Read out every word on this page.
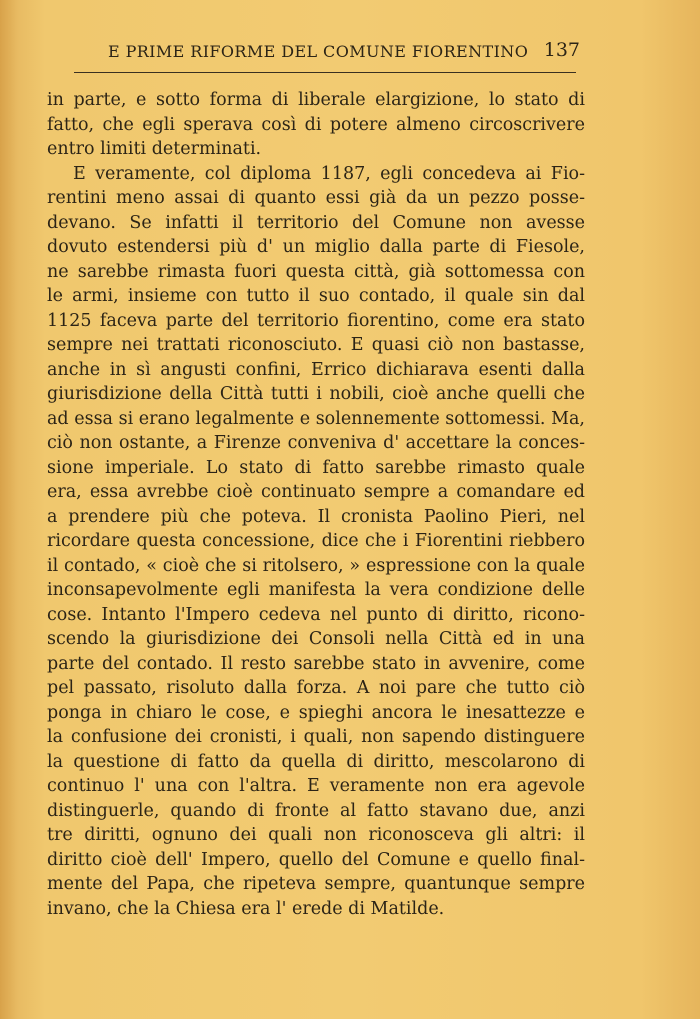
E PRIME RIFORME DEL COMUNE FIORENTINO 137
in parte, e sotto forma di liberale elargizione, lo stato di
fatto, che egli sperava così di potere almeno circoscrivere
entro limiti determinati.
E veramente, col diploma 1187, egli concedeva ai Fio-
rentini meno assai di quanto essi già da un pezzo posse-
devano. Se infatti il territorio del Comune non avesse
dovuto estendersi più d' un miglio dalla parte di Fiesole,
ne sarebbe rimasta fuori questa città, già sottomessa con
le armi, insieme con tutto il suo contado, il quale sin dal
1125 faceva parte del territorio fiorentino, come era stato
sempre nei trattati riconosciuto. E quasi ciò non bastasse,
anche in sì angusti confini, Errico dichiarava esenti dalla
giurisdizione della Città tutti i nobili, cioè anche quelli che
ad essa si erano legalmente e solennemente sottomessi. Ma,
ciò non ostante, a Firenze conveniva d' accettare la conces-
sione imperiale. Lo stato di fatto sarebbe rimasto quale
era, essa avrebbe cioè continuato sempre a comandare ed
a prendere più che poteva. Il cronista Paolino Pieri, nel
ricordare questa concessione, dice che i Fiorentini riebbero
il contado, « cioè che si ritolsero, » espressione con la quale
inconsapevolmente egli manifesta la vera condizione delle
cose. Intanto l'Impero cedeva nel punto di diritto, ricono-
scendo la giurisdizione dei Consoli nella Città ed in una
parte del contado. Il resto sarebbe stato in avvenire, come
pel passato, risoluto dalla forza. A noi pare che tutto ciò
ponga in chiaro le cose, e spieghi ancora le inesattezze e
la confusione dei cronisti, i quali, non sapendo distinguere
la questione di fatto da quella di diritto, mescolarono di
continuo l' una con l'altra. E veramente non era agevole
distinguerle, quando di fronte al fatto stavano due, anzi
tre diritti, ognuno dei quali non riconosceva gli altri: il
diritto cioè dell' Impero, quello del Comune e quello final-
mente del Papa, che ripeteva sempre, quantunque sempre
invano, che la Chiesa era l' erede di Matilde.
